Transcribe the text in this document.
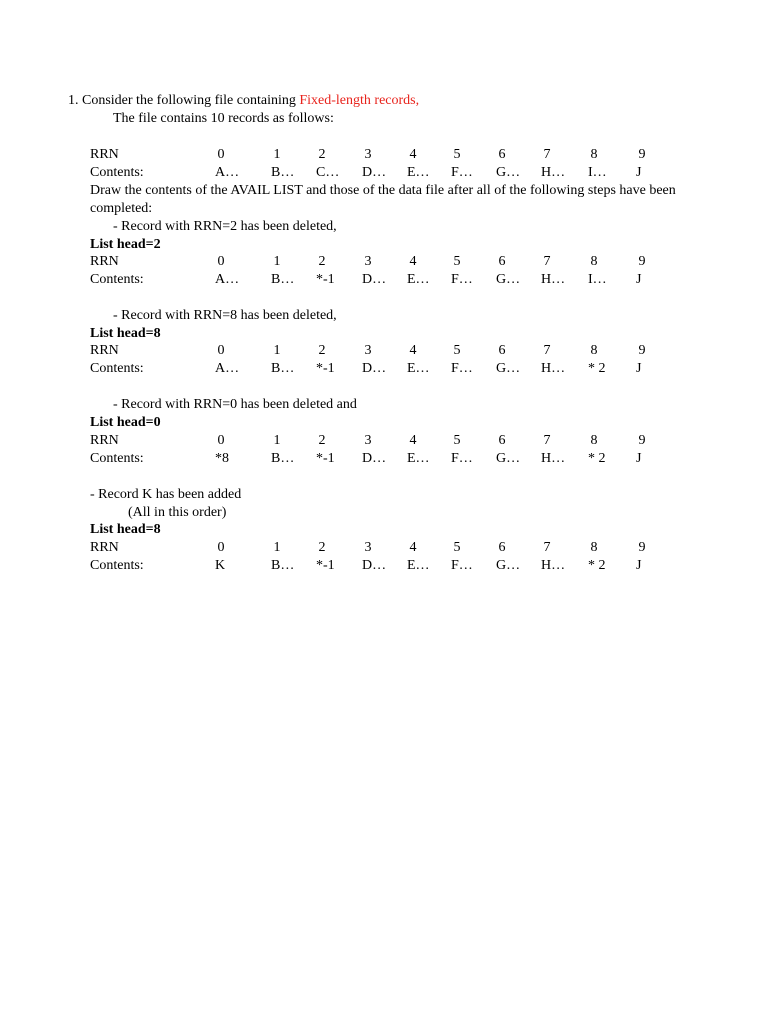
1. Consider the following file containing Fixed-length records,
The file contains 10 records as follows:
RRN	0	1	2	3	4	5	6	7	8	9
Contents:	A… B… C… D… E… F… G… H… I… J
Draw the contents of the AVAIL LIST and those of the data file after all of the following steps have been
completed:
- Record with RRN=2 has been deleted,
List head=2
RRN	0	1	2	3	4	5	6	7	8	9
Contents:	A… B… *-1 D… E… F… G… H… I… J
- Record with RRN=8 has been deleted,
List head=8
RRN	0	1	2	3	4	5	6	7	8	9
Contents:	A… B… *-1 D… E… F… G… H… * 2 J
- Record with RRN=0 has been deleted and
List head=0
RRN	0	1	2	3	4	5	6	7	8	9
Contents:	*8	B… *-1 D… E… F… G… H… * 2 J
- Record K has been added
(All in this order)
List head=8
RRN	0	1	2	3	4	5	6	7	8	9
Contents:	K	B… *-1 D… E… F… G… H… * 2 J
